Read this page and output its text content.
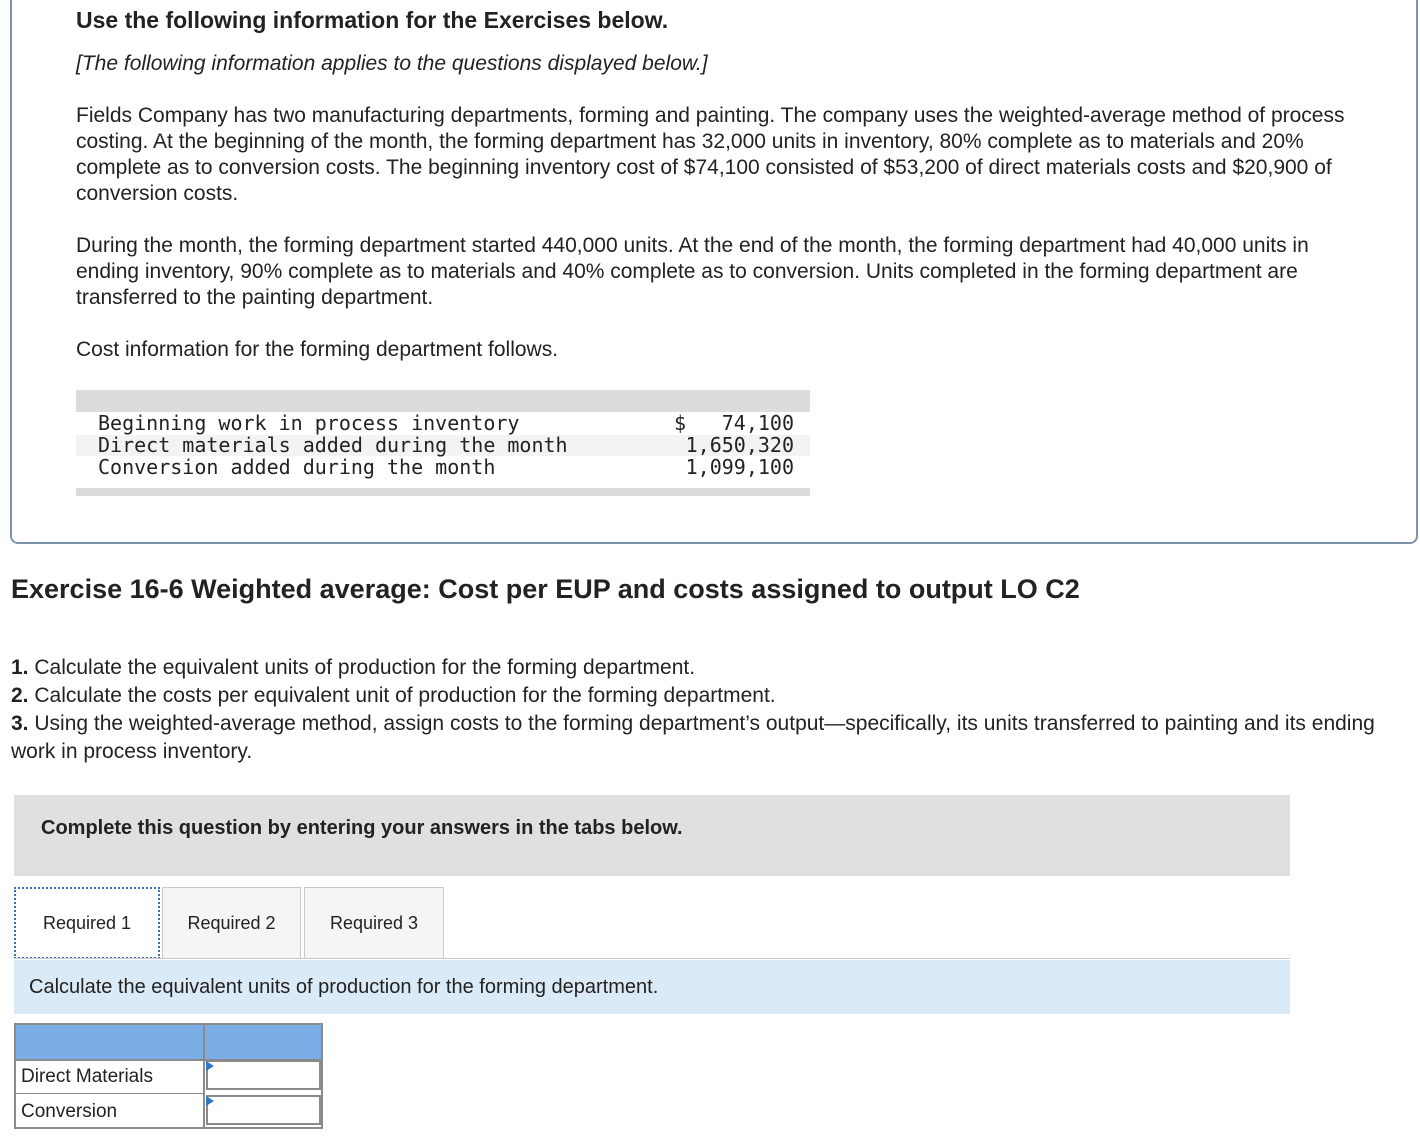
Use the following information for the Exercises below.
[The following information applies to the questions displayed below.]
Fields Company has two manufacturing departments, forming and painting. The company uses the weighted-average method of process costing. At the beginning of the month, the forming department has 32,000 units in inventory, 80% complete as to materials and 20% complete as to conversion costs. The beginning inventory cost of $74,100 consisted of $53,200 of direct materials costs and $20,900 of conversion costs.
During the month, the forming department started 440,000 units. At the end of the month, the forming department had 40,000 units in ending inventory, 90% complete as to materials and 40% complete as to conversion. Units completed in the forming department are transferred to the painting department.
Cost information for the forming department follows.
Beginning work in process inventory	$ 74,100
Direct materials added during the month	1,650,320
Conversion added during the month	1,099,100
Exercise 16-6 Weighted average: Cost per EUP and costs assigned to output LO C2
1. Calculate the equivalent units of production for the forming department.
2. Calculate the costs per equivalent unit of production for the forming department.
3. Using the weighted-average method, assign costs to the forming department’s output—specifically, its units transferred to painting and its ending work in process inventory.
Complete this question by entering your answers in the tabs below.
Required 1	Required 2	Required 3
Calculate the equivalent units of production for the forming department.
Direct Materials
Conversion
